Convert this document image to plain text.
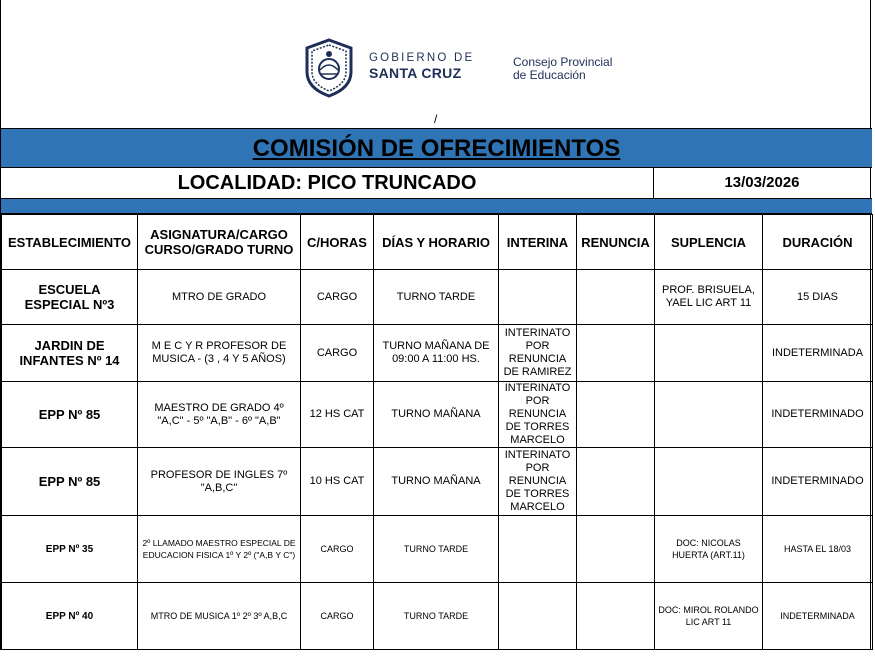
GOBIERNO DE
SANTA CRUZ
Consejo Provincial
de Educación
/
COMISIÓN DE OFRECIMIENTOS
LOCALIDAD: PICO TRUNCADO	13/03/2026
ESTABLECIMIENTO	ASIGNATURA/CARGO CURSO/GRADO TURNO	C/HORAS	DÍAS Y HORARIO	INTERINA	RENUNCIA	SUPLENCIA	DURACIÓN
ESCUELA ESPECIAL Nº3	MTRO DE GRADO	CARGO	TURNO TARDE			PROF. BRISUELA, YAEL LIC ART 11	15 DIAS
JARDIN DE INFANTES Nº 14	M E C Y R PROFESOR DE MUSICA - (3 , 4 Y 5 AÑOS)	CARGO	TURNO MAÑANA DE 09:00 A 11:00 HS.	INTERINATO POR RENUNCIA DE RAMIREZ			INDETERMINADA
EPP Nº 85	MAESTRO DE GRADO 4º "A,C" - 5º "A,B" - 6º "A,B"	12 HS CAT	TURNO MAÑANA	INTERINATO POR RENUNCIA DE TORRES MARCELO			INDETERMINADO
EPP Nº 85	PROFESOR DE INGLES 7º "A,B,C"	10 HS CAT	TURNO MAÑANA	INTERINATO POR RENUNCIA DE TORRES MARCELO			INDETERMINADO
EPP Nº 35	2º LLAMADO MAESTRO ESPECIAL DE EDUCACION FISICA 1º Y 2º ("A,B Y C")	CARGO	TURNO TARDE			DOC: NICOLAS HUERTA (ART.11)	HASTA EL 18/03
EPP Nº 40	MTRO DE MUSICA 1º 2º 3º A,B,C	CARGO	TURNO TARDE			DOC: MIROL ROLANDO LIC ART 11	INDETERMINADA
